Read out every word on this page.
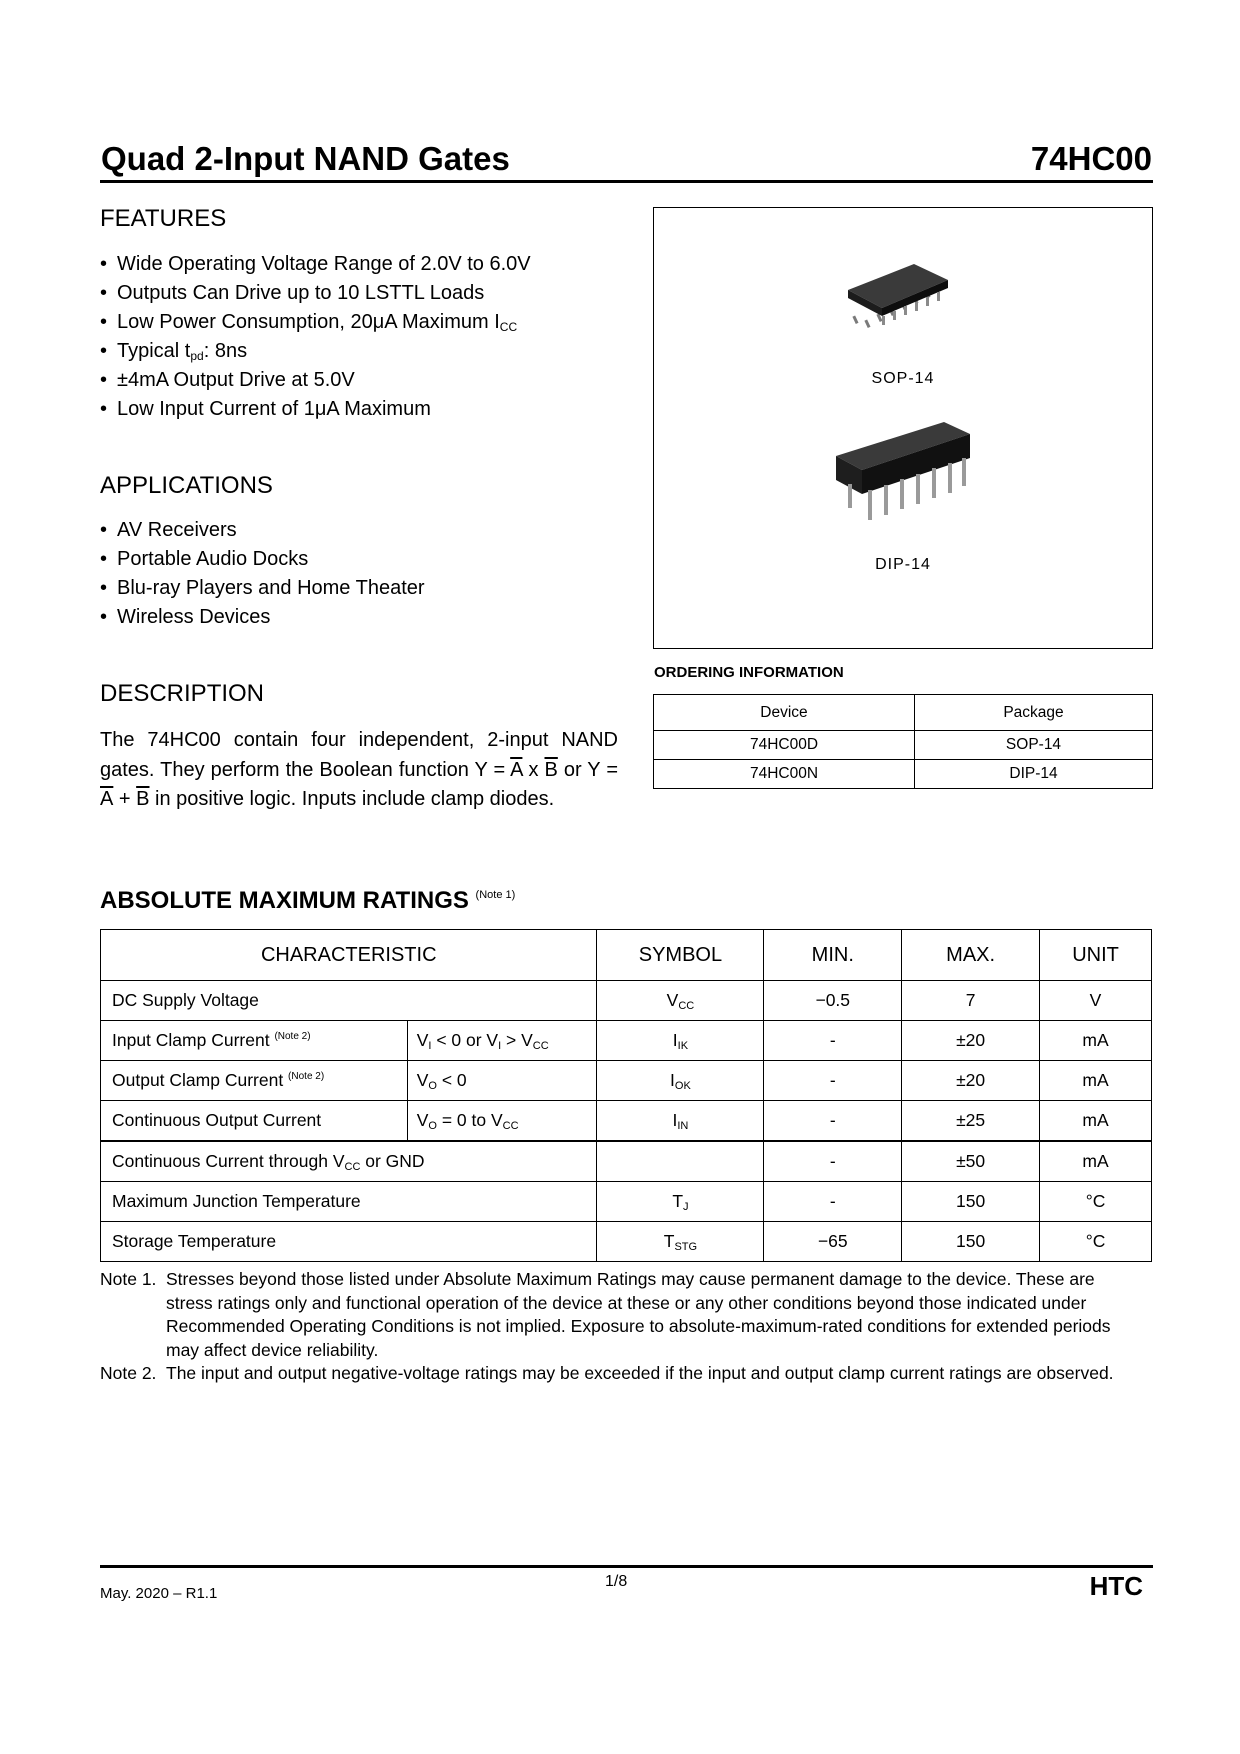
Quad 2-Input NAND Gates	74HC00
FEATURES
• Wide Operating Voltage Range of 2.0V to 6.0V
• Outputs Can Drive up to 10 LSTTL Loads
• Low Power Consumption, 20μA Maximum $I_{CC}$
• Typical $t_{pd}$: 8ns
• ±4mA Output Drive at 5.0V
• Low Input Current of 1μA Maximum
APPLICATIONS
• AV Receivers
• Portable Audio Docks
• Blu-ray Players and Home Theater
• Wireless Devices
DESCRIPTION
The 74HC00 contain four independent, 2-input NAND gates. They perform the Boolean function $Y = \overline{A}$ x $\overline{B}$ or $Y = \overline{A} + \overline{B}$ in positive logic. Inputs include clamp diodes.
SOP-14
DIP-14
ORDERING INFORMATION
Device	Package
74HC00D	SOP-14
74HC00N	DIP-14
ABSOLUTE MAXIMUM RATINGS $^{(Note 1)}$
CHARACTERISTIC		SYMBOL	MIN.	MAX.	UNIT
DC Supply Voltage		$V_{CC}$	−0.5	7	V
Input Clamp Current $^{(Note 2)}$	$V_I < 0$ or $V_I > V_{CC}$	$I_{IK}$	-	±20	mA
Output Clamp Current $^{(Note 2)}$	$V_O < 0$	$I_{OK}$	-	±20	mA
Continuous Output Current	$V_O = 0$ to $V_{CC}$	$I_{IN}$	-	±25	mA
Continuous Current through $V_{CC}$ or GND			-	±50	mA
Maximum Junction Temperature		$T_J$	-	150	°C
Storage Temperature		$T_{STG}$	−65	150	°C
Note 1. Stresses beyond those listed under Absolute Maximum Ratings may cause permanent damage to the device. These are stress ratings only and functional operation of the device at these or any other conditions beyond those indicated under Recommended Operating Conditions is not implied. Exposure to absolute-maximum-rated conditions for extended periods may affect device reliability.
Note 2. The input and output negative-voltage ratings may be exceeded if the input and output clamp current ratings are observed.
May. 2020 – R1.1
1/8	HTC
